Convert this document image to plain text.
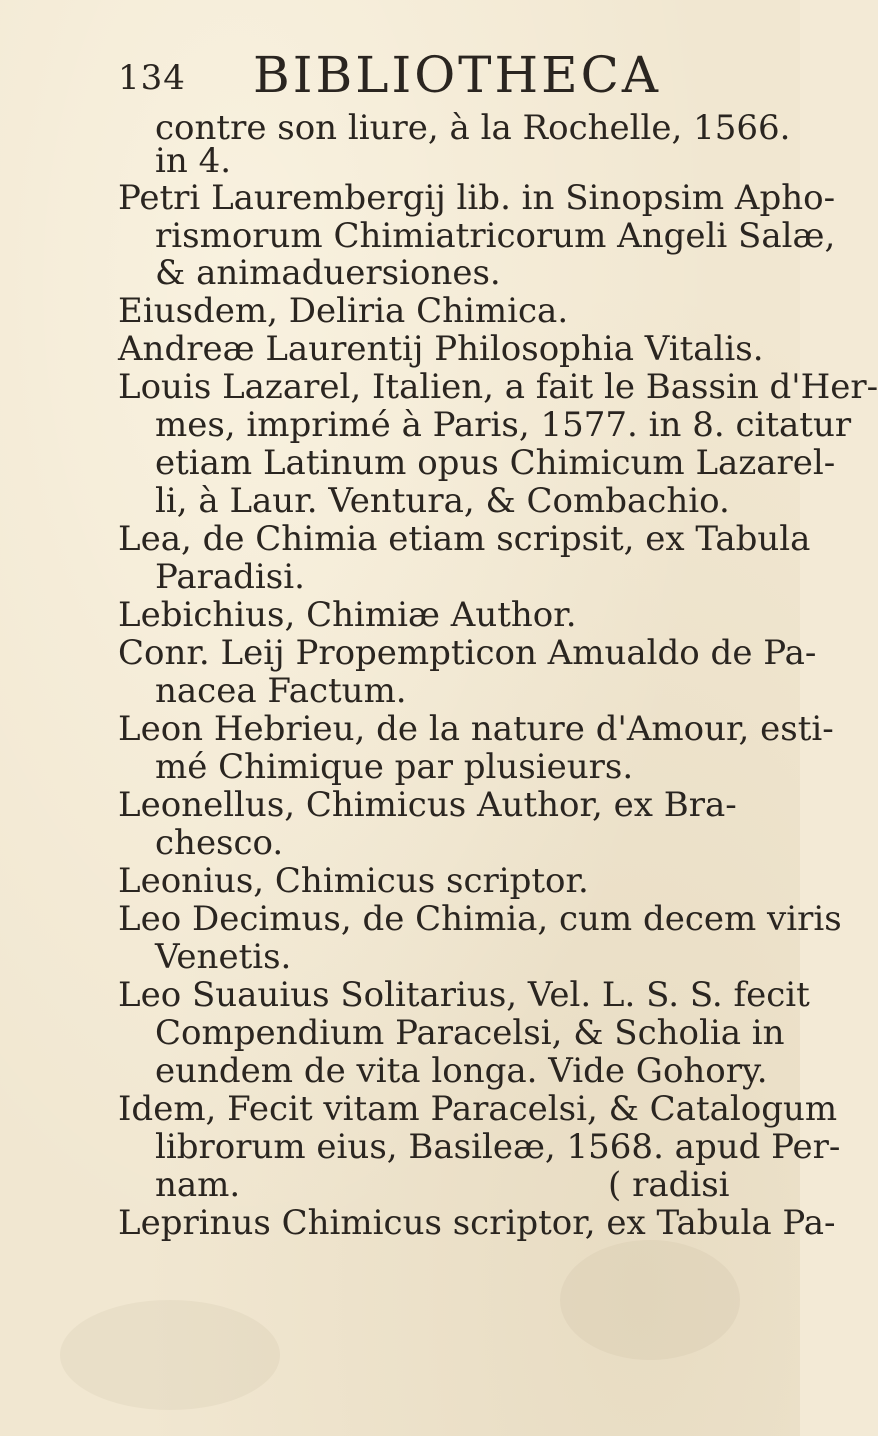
134 BIBLIOTHECA
contre son liure, à la Rochelle, 1566.
in 4.
Petri Laurembergij lib. in Sinopsim Apho-
rismorum Chimiatricorum Angeli Salæ,
& animaduersiones.
Eiusdem, Deliria Chimica.
Andreæ Laurentij Philosophia Vitalis.
Louis Lazarel, Italien, a fait le Bassin d'Her-
mes, imprimé à Paris, 1577. in 8. citatur
etiam Latinum opus Chimicum Lazarel-
li, à Laur. Ventura, & Combachio.
Lea, de Chimia etiam scripsit, ex Tabula
Paradisi.
Lebichius, Chimiæ Author.
Conr. Leij Propempticon Amualdo de Pa-
nacea Factum.
Leon Hebrieu, de la nature d'Amour, esti-
mé Chimique par plusieurs.
Leonellus, Chimicus Author, ex Bra-
chesco.
Leonius, Chimicus scriptor.
Leo Decimus, de Chimia, cum decem viris
Venetis.
Leo Suauius Solitarius, Vel. L. S. S. fecit
Compendium Paracelsi, & Scholia in
eundem de vita longa. Vide Gohory.
Idem, Fecit vitam Paracelsi, & Catalogum
librorum eius, Basileæ, 1568. apud Per-
nam.	( radisi
Leprinus Chimicus scriptor, ex Tabula Pa-
